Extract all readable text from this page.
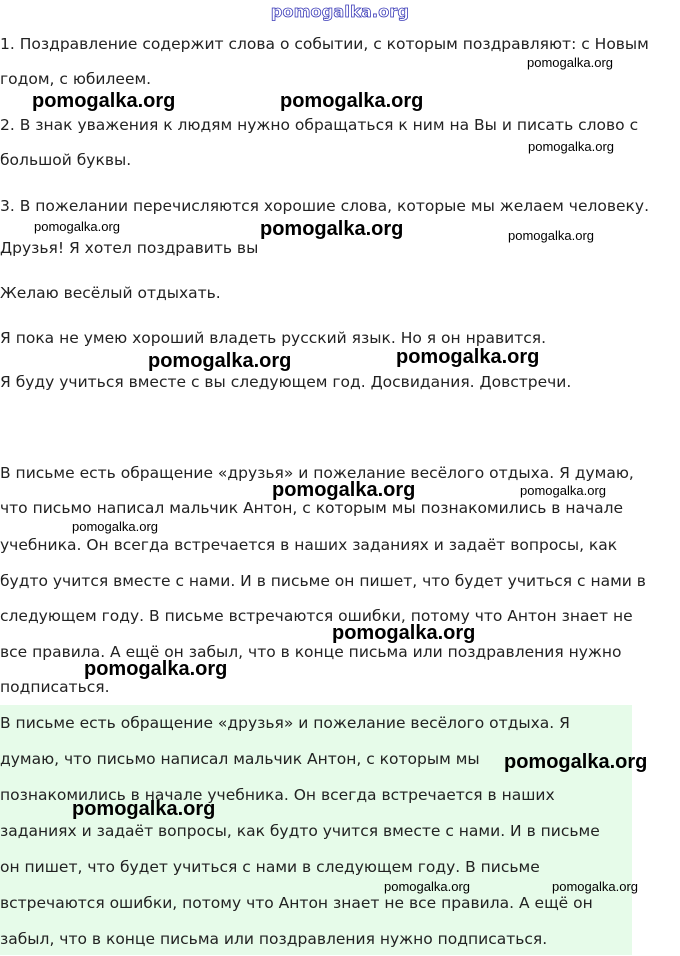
pomogalka.org

1. Поздравление содержит слова о событии, с которым поздравляют: с Новым

годом, с юбилеем.

2. В знак уважения к людям нужно обращаться к ним на Вы и писать слово с

большой буквы.

3. В пожелании перечисляются хорошие слова, которые мы желаем человеку.

Друзья! Я хотел поздравить вы

Желаю весёлый отдыхать.

Я пока не умею хороший владеть русский язык. Но я он нравится.

Я буду учиться вместе с вы следующем год. Досвидания. Довстречи.

В письме есть обращение «друзья» и пожелание весёлого отдыха. Я думаю,

что письмо написал мальчик Антон, с которым мы познакомились в начале

учебника. Он всегда встречается в наших заданиях и задаёт вопросы, как

будто учится вместе с нами. И в письме он пишет, что будет учиться с нами в

следующем году. В письме встречаются ошибки, потому что Антон знает не

все правила. А ещё он забыл, что в конце письма или поздравления нужно

подписаться.

В письме есть обращение «друзья» и пожелание весёлого отдыха. Я

думаю, что письмо написал мальчик Антон, с которым мы

познакомились в начале учебника. Он всегда встречается в наших

заданиях и задаёт вопросы, как будто учится вместе с нами. И в письме

он пишет, что будет учиться с нами в следующем году. В письме

встречаются ошибки, потому что Антон знает не все правила. А ещё он

забыл, что в конце письма или поздравления нужно подписаться.

pomogalka.org
pomogalka.org	pomogalka.org
pomogalka.org
pomogalka.org	pomogalka.org	pomogalka.org
pomogalka.org	pomogalka.org
pomogalka.org	pomogalka.org
pomogalka.org
pomogalka.org
pomogalka.org
pomogalka.org
pomogalka.org
pomogalka.org	pomogalka.org
